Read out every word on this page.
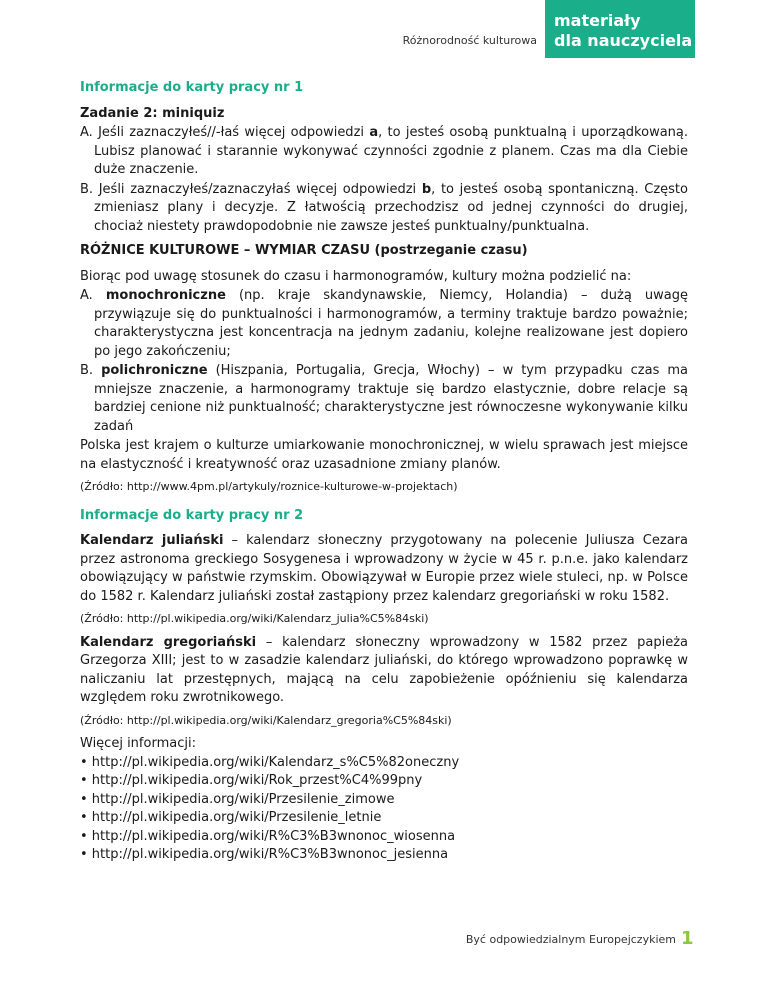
Różnorodność kulturowa
materiały
dla nauczyciela
Informacje do karty pracy nr 1
Zadanie 2: miniquiz
A. Jeśli zaznaczyłeś//-łaś więcej odpowiedzi a, to jesteś osobą punktualną i uporządkowaną. Lubisz planować i starannie wykonywać czynności zgodnie z planem. Czas ma dla Ciebie duże znaczenie.
B. Jeśli zaznaczyłeś/zaznaczyłaś więcej odpowiedzi b, to jesteś osobą spontaniczną. Często zmieniasz plany i decyzje. Z łatwością przechodzisz od jednej czynności do drugiej, chociaż niestety prawdopodobnie nie zawsze jesteś punktualny/punktualna.
RÓŻNICE KULTUROWE – WYMIAR CZASU (postrzeganie czasu)
Biorąc pod uwagę stosunek do czasu i harmonogramów, kultury można podzielić na:
A. monochroniczne (np. kraje skandynawskie, Niemcy, Holandia) – dużą uwagę przywiązuje się do punktualności i harmonogramów, a terminy traktuje bardzo poważnie; charakterystyczna jest koncentracja na jednym zadaniu, kolejne realizowane jest dopiero po jego zakończeniu;
B. polichroniczne (Hiszpania, Portugalia, Grecja, Włochy) – w tym przypadku czas ma mniejsze znaczenie, a harmonogramy traktuje się bardzo elastycznie, dobre relacje są bardziej cenione niż punktualność; charakterystyczne jest równoczesne wykonywanie kilku zadań
Polska jest krajem o kulturze umiarkowanie monochronicznej, w wielu sprawach jest miejsce na elastyczność i kreatywność oraz uzasadnione zmiany planów.
(Źródło: http://www.4pm.pl/artykuly/roznice-kulturowe-w-projektach)
Informacje do karty pracy nr 2
Kalendarz juliański – kalendarz słoneczny przygotowany na polecenie Juliusza Cezara przez astronoma greckiego Sosygenesa i wprowadzony w życie w 45 r. p.n.e. jako kalendarz obowiązujący w państwie rzymskim. Obowiązywał w Europie przez wiele stuleci, np. w Polsce do 1582 r. Kalendarz juliański został zastąpiony przez kalendarz gregoriański w roku 1582.
(Źródło: http://pl.wikipedia.org/wiki/Kalendarz_julia%C5%84ski)
Kalendarz gregoriański – kalendarz słoneczny wprowadzony w 1582 przez papieża Grzegorza XIII; jest to w zasadzie kalendarz juliański, do którego wprowadzono poprawkę w naliczaniu lat przestępnych, mającą na celu zapobieżenie opóźnieniu się kalendarza względem roku zwrotnikowego.
(Źródło: http://pl.wikipedia.org/wiki/Kalendarz_gregoria%C5%84ski)
Więcej informacji:
• http://pl.wikipedia.org/wiki/Kalendarz_s%C5%82oneczny
• http://pl.wikipedia.org/wiki/Rok_przest%C4%99pny
• http://pl.wikipedia.org/wiki/Przesilenie_zimowe
• http://pl.wikipedia.org/wiki/Przesilenie_letnie
• http://pl.wikipedia.org/wiki/R%C3%B3wnonoc_wiosenna
• http://pl.wikipedia.org/wiki/R%C3%B3wnonoc_jesienna
Być odpowiedzialnym Europejczykiem 1
